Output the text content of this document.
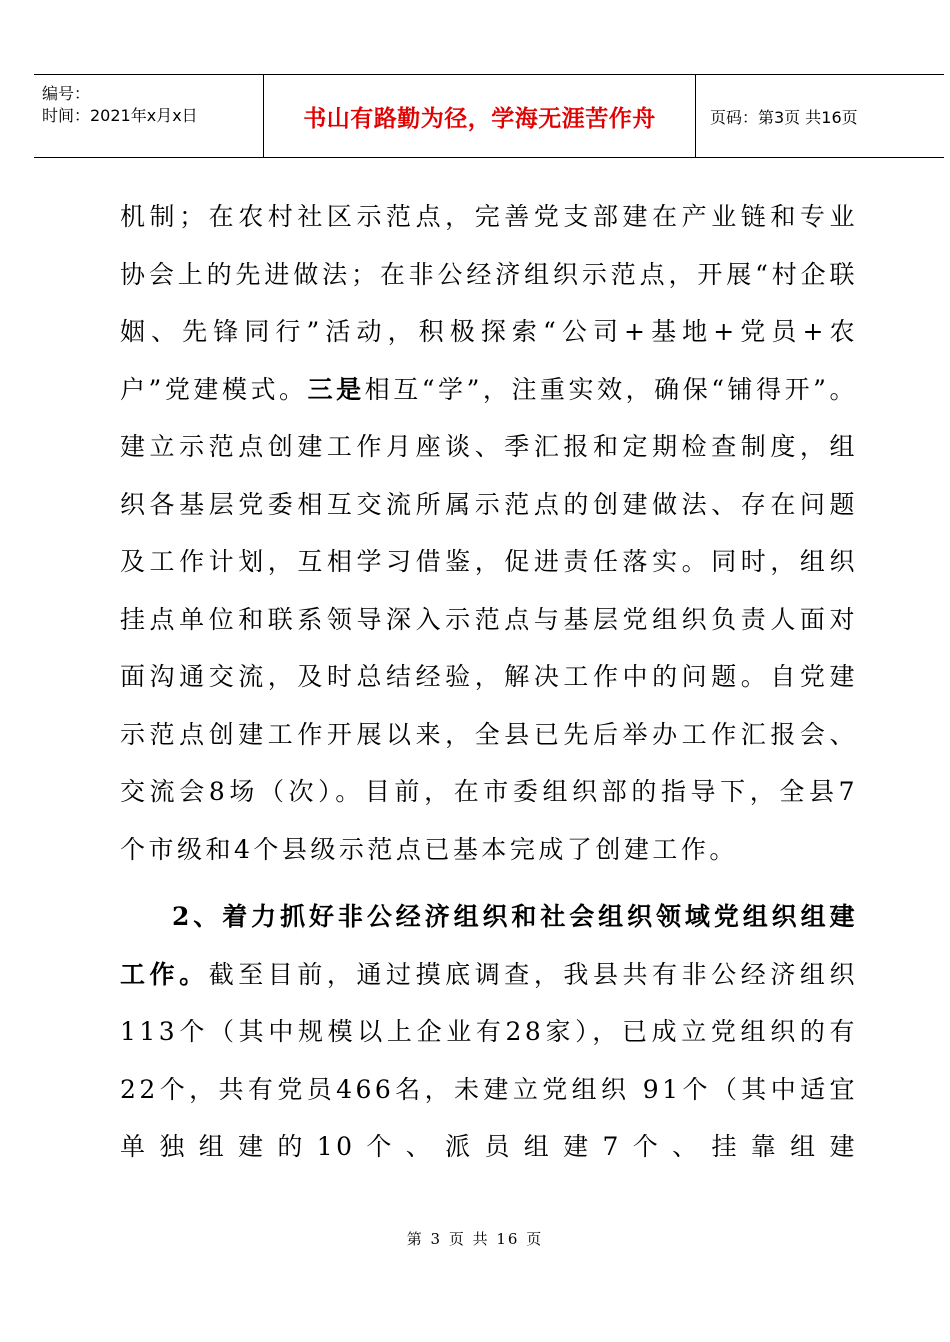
编号：
时间：2021年x月x日	书山有路勤为径，学海无涯苦作舟	页码：第3页 共16页

机制；在农村社区示范点，完善党支部建在产业链和专业协会上的先进做法；在非公经济组织示范点，开展“村企联姻、先锋同行”活动，积极探索“公司+基地+党员+农户”党建模式。三是相互“学”，注重实效，确保“铺得开”。建立示范点创建工作月座谈、季汇报和定期检查制度，组织各基层党委相互交流所属示范点的创建做法、存在问题及工作计划，互相学习借鉴，促进责任落实。同时，组织挂点单位和联系领导深入示范点与基层党组织负责人面对面沟通交流，及时总结经验，解决工作中的问题。自党建示范点创建工作开展以来，全县已先后举办工作汇报会、交流会8场（次）。目前，在市委组织部的指导下，全县7个市级和4个县级示范点已基本完成了创建工作。

2、着力抓好非公经济组织和社会组织领域党组织组建工作。截至目前，通过摸底调查，我县共有非公经济组织113个（其中规模以上企业有28家），已成立党组织的有22个，共有党员466名，未建立党组织 91个（其中适宜单独组建的10个、派员组建7个、挂靠组建

第 3 页 共 16 页
